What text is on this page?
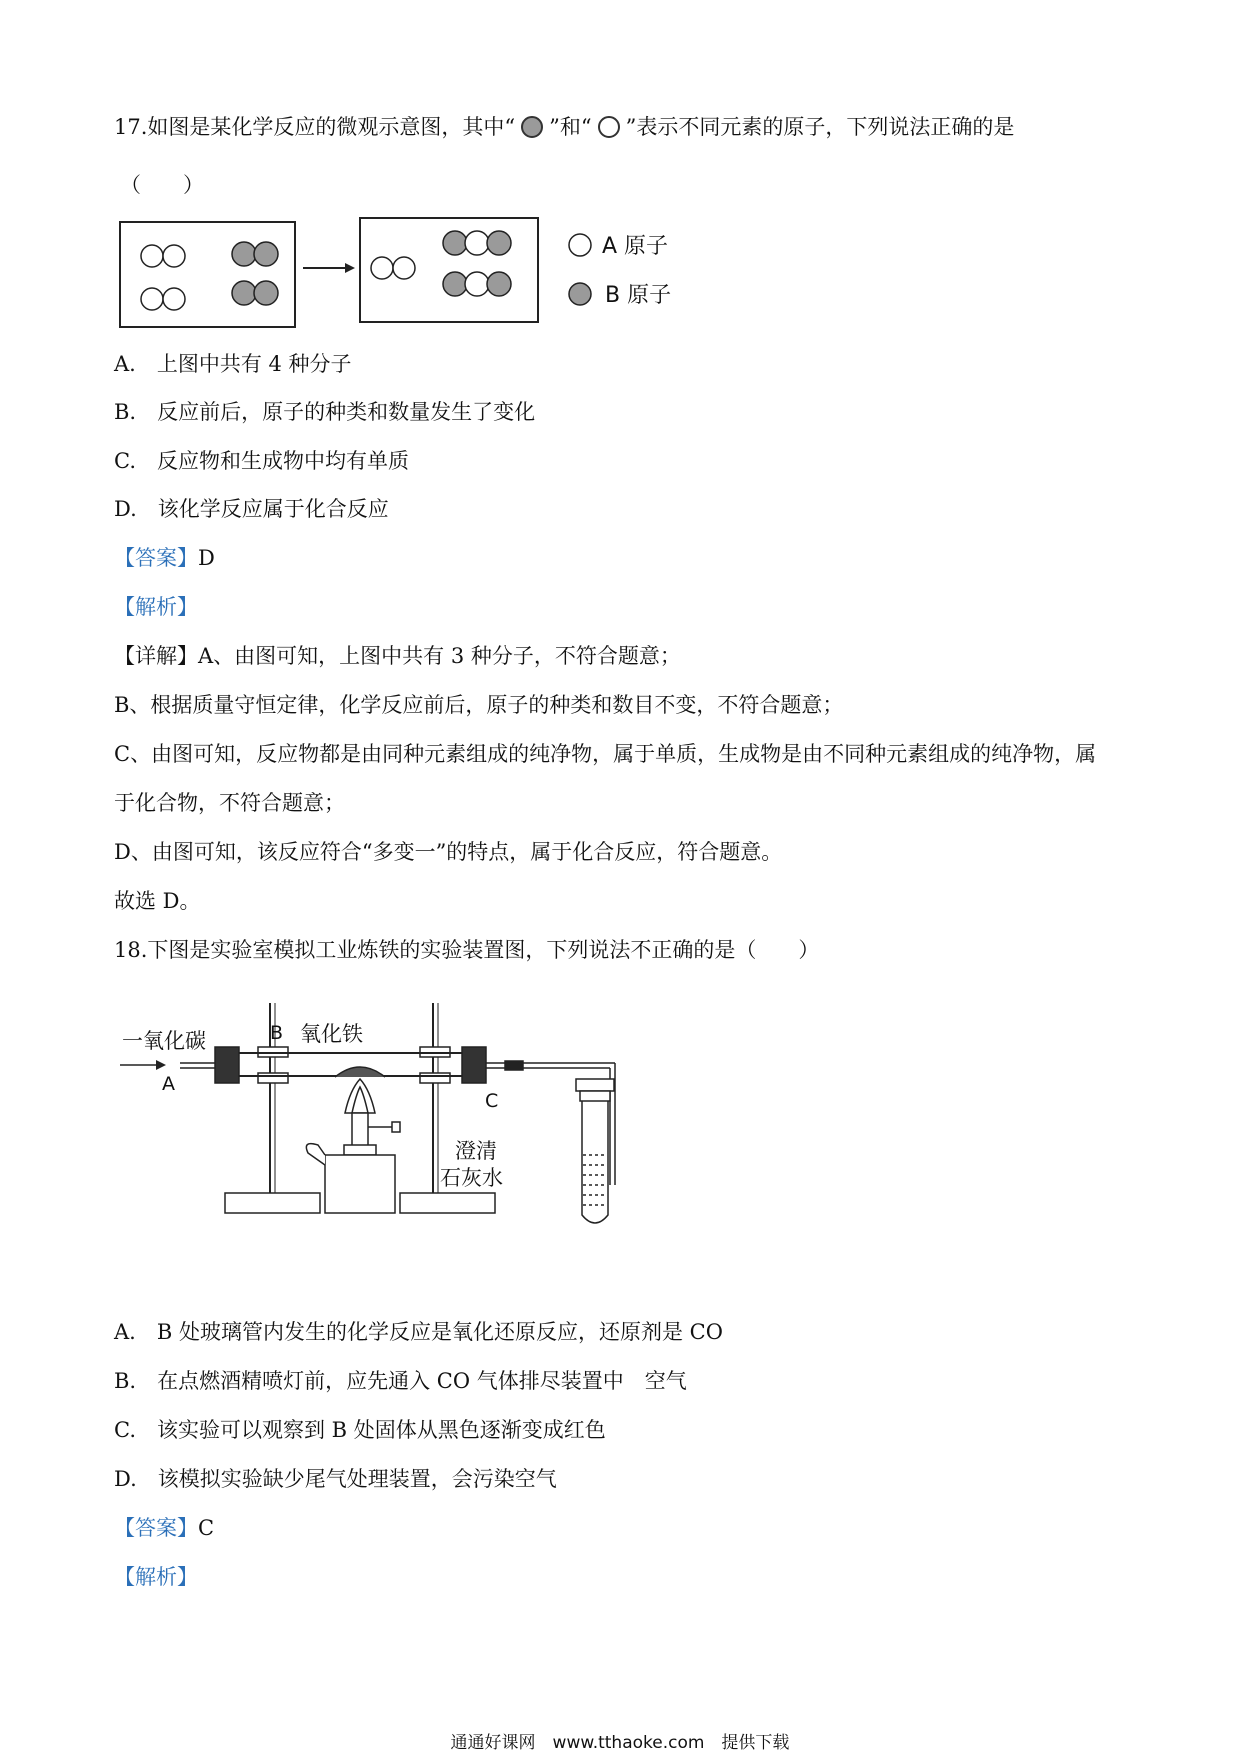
17.如图是某化学反应的微观示意图，其中“ ”和“ ”表示不同元素的原子，下列说法正确的是
（　　）
A 原子
B 原子
A.　上图中共有 4 种分子
B.　反应前后，原子的种类和数量发生了变化
C.　反应物和生成物中均有单质
D.　该化学反应属于化合反应
【答案】D
【解析】
【详解】A、由图可知，上图中共有 3 种分子，不符合题意；
B、根据质量守恒定律，化学反应前后，原子的种类和数目不变，不符合题意；
C、由图可知，反应物都是由同种元素组成的纯净物，属于单质，生成物是由不同种元素组成的纯净物，属
于化合物，不符合题意；
D、由图可知，该反应符合“多变一”的特点，属于化合反应，符合题意。
故选 D。
18.下图是实验室模拟工业炼铁的实验装置图，下列说法不正确的是（　　）
一氧化碳
A
B 氧化铁
C
澄清
石灰水
A.　B 处玻璃管内发生的化学反应是氧化还原反应，还原剂是 CO
B.　在点燃酒精喷灯前，应先通入 CO 气体排尽装置中　空气
C.　该实验可以观察到 B 处固体从黑色逐渐变成红色
D.　该模拟实验缺少尾气处理装置，会污染空气
【答案】C
【解析】
通通好课网　www.tthaoke.com　提供下载
